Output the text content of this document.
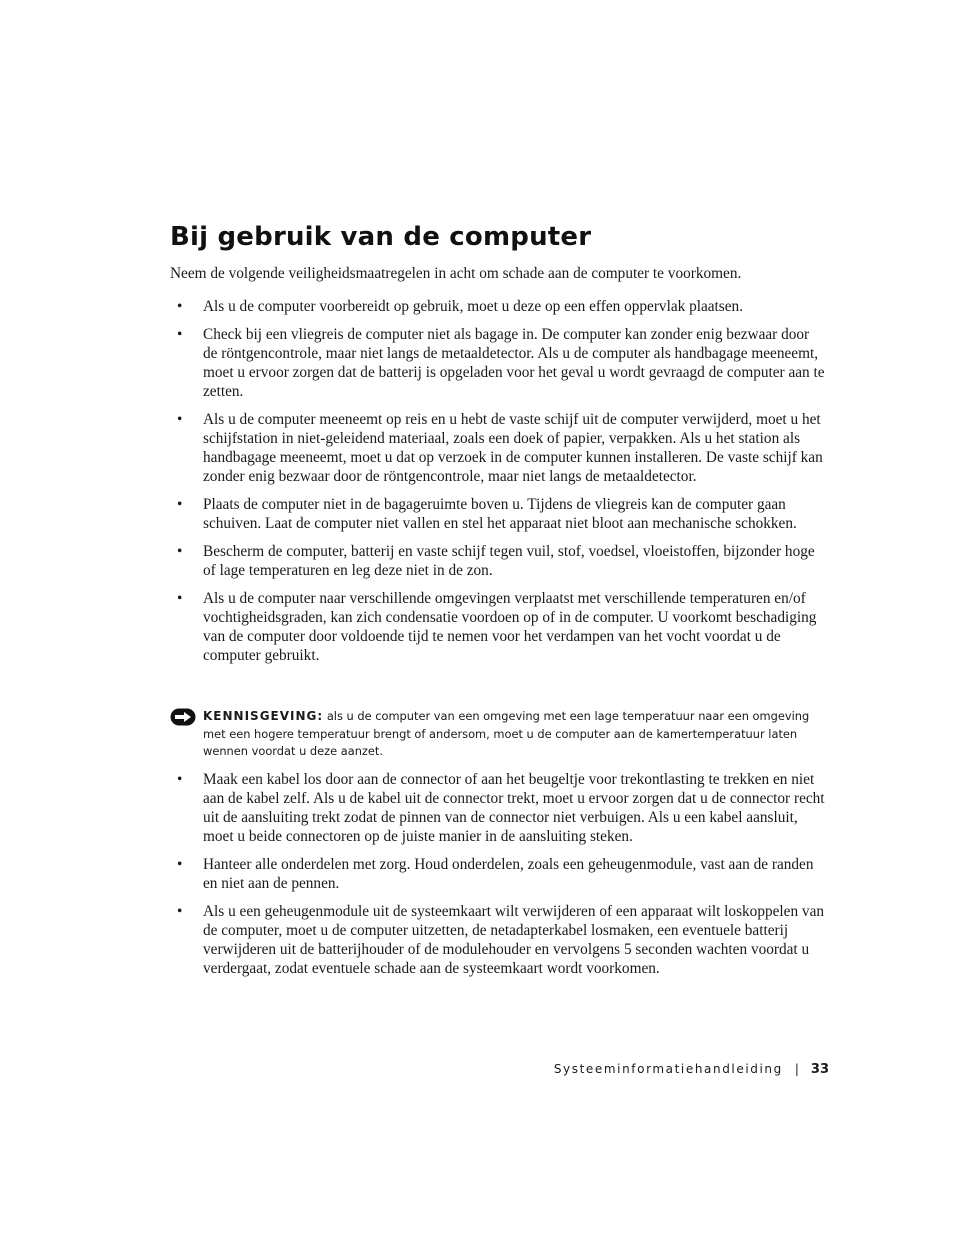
Bij gebruik van de computer

Neem de volgende veiligheidsmaatregelen in acht om schade aan de computer te voorkomen.

• Als u de computer voorbereidt op gebruik, moet u deze op een effen oppervlak plaatsen.
• Check bij een vliegreis de computer niet als bagage in. De computer kan zonder enig bezwaar door de röntgencontrole, maar niet langs de metaaldetector. Als u de computer als handbagage meeneemt, moet u ervoor zorgen dat de batterij is opgeladen voor het geval u wordt gevraagd de computer aan te zetten.
• Als u de computer meeneemt op reis en u hebt de vaste schijf uit de computer verwijderd, moet u het schijfstation in niet-geleidend materiaal, zoals een doek of papier, verpakken. Als u het station als handbagage meeneemt, moet u dat op verzoek in de computer kunnen installeren. De vaste schijf kan zonder enig bezwaar door de röntgencontrole, maar niet langs de metaaldetector.
• Plaats de computer niet in de bagageruimte boven u. Tijdens de vliegreis kan de computer gaan schuiven. Laat de computer niet vallen en stel het apparaat niet bloot aan mechanische schokken.
• Bescherm de computer, batterij en vaste schijf tegen vuil, stof, voedsel, vloeistoffen, bijzonder hoge of lage temperaturen en leg deze niet in de zon.
• Als u de computer naar verschillende omgevingen verplaatst met verschillende temperaturen en/of vochtigheidsgraden, kan zich condensatie voordoen op of in de computer. U voorkomt beschadiging van de computer door voldoende tijd te nemen voor het verdampen van het vocht voordat u de computer gebruikt.

KENNISGEVING: als u de computer van een omgeving met een lage temperatuur naar een omgeving met een hogere temperatuur brengt of andersom, moet u de computer aan de kamertemperatuur laten wennen voordat u deze aanzet.

• Maak een kabel los door aan de connector of aan het beugeltje voor trekontlasting te trekken en niet aan de kabel zelf. Als u de kabel uit de connector trekt, moet u ervoor zorgen dat u de connector recht uit de aansluiting trekt zodat de pinnen van de connector niet verbuigen. Als u een kabel aansluit, moet u beide connectoren op de juiste manier in de aansluiting steken.
• Hanteer alle onderdelen met zorg. Houd onderdelen, zoals een geheugenmodule, vast aan de randen en niet aan de pennen.
• Als u een geheugenmodule uit de systeemkaart wilt verwijderen of een apparaat wilt loskoppelen van de computer, moet u de computer uitzetten, de netadapterkabel losmaken, een eventuele batterij verwijderen uit de batterijhouder of de modulehouder en vervolgens 5 seconden wachten voordat u verdergaat, zodat eventuele schade aan de systeemkaart wordt voorkomen.
Systeeminformatiehandleiding | 33
